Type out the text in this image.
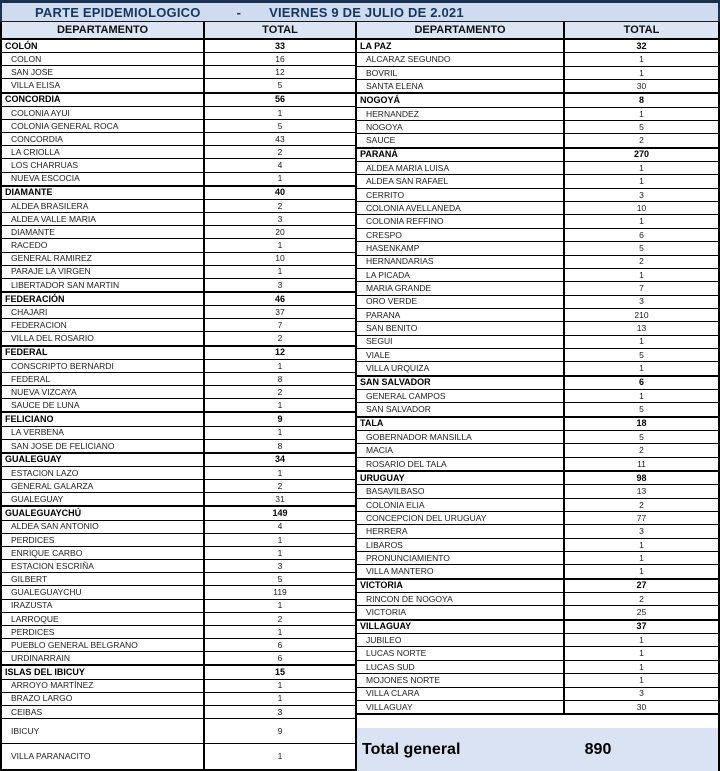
PARTE EPIDEMIOLOGICO	- VIERNES 9 DE JULIO DE 2.021
DEPARTAMENTO	TOTAL
COLÓN	33
COLON	16
SAN JOSE	12
VILLA ELISA	5
CONCORDIA	56
COLONIA AYUI	1
COLONIA GENERAL ROCA	5
CONCORDIA	43
LA CRIOLLA	2
LOS CHARRUAS	4
NUEVA ESCOCIA	1
DIAMANTE	40
ALDEA BRASILERA	2
ALDEA VALLE MARIA	3
DIAMANTE	20
RACEDO	1
GENERAL RAMIREZ	10
PARAJE LA VIRGEN	1
LIBERTADOR SAN MARTIN	3
FEDERACIÓN	46
CHAJARI	37
FEDERACION	7
VILLA DEL ROSARIO	2
FEDERAL	12
CONSCRIPTO BERNARDI	1
FEDERAL	8
NUEVA VIZCAYA	2
SAUCE DE LUNA	1
FELICIANO	9
LA VERBENA	1
SAN JOSE DE FELICIANO	8
GUALEGUAY	34
ESTACION LAZO	1
GENERAL GALARZA	2
GUALEGUAY	31
GUALEGUAYCHÚ	149
ALDEA SAN ANTONIO	4
PERDICES	1
ENRIQUE CARBO	1
ESTACION ESCRIÑA	3
GILBERT	5
GUALEGUAYCHU	119
IRAZUSTA	1
LARROQUE	2
PERDICES	1
PUEBLO GENERAL BELGRANO	6
URDINARRAIN	6
ISLAS DEL IBICUY	15
ARROYO MARTÍNEZ	1
BRAZO LARGO	1
CEIBAS	3
IBICUY	9
VILLA PARANACITO	1
DEPARTAMENTO	TOTAL
LA PAZ	32
ALCARAZ SEGUNDO	1
BOVRIL	1
SANTA ELENA	30
NOGOYÁ	8
HERNANDEZ	1
NOGOYA	5
SAUCE	2
PARANÁ	270
ALDEA MARIA LUISA	1
ALDEA SAN RAFAEL	1
CERRITO	3
COLONIA AVELLANEDA	10
COLONIA REFFINO	1
CRESPO	6
HASENKAMP	5
HERNANDARIAS	2
LA PICADA	1
MARIA GRANDE	7
ORO VERDE	3
PARANA	210
SAN BENITO	13
SEGUI	1
VIALE	5
VILLA URQUIZA	1
SAN SALVADOR	6
GENERAL CAMPOS	1
SAN SALVADOR	5
TALA	18
GOBERNADOR MANSILLA	5
MACIA	2
ROSARIO DEL TALA	11
URUGUAY	98
BASAVILBASO	13
COLONIA ELIA	2
CONCEPCION DEL URUGUAY	77
HERRERA	3
LIBAROS	1
PRONUNCIAMIENTO	1
VILLA MANTERO	1
VICTORIA	27
RINCON DE NOGOYA	2
VICTORIA	25
VILLAGUAY	37
JUBILEO	1
LUCAS NORTE	1
LUCAS SUD	1
MOJONES NORTE	1
VILLA CLARA	3
VILLAGUAY	30
Total general	890
